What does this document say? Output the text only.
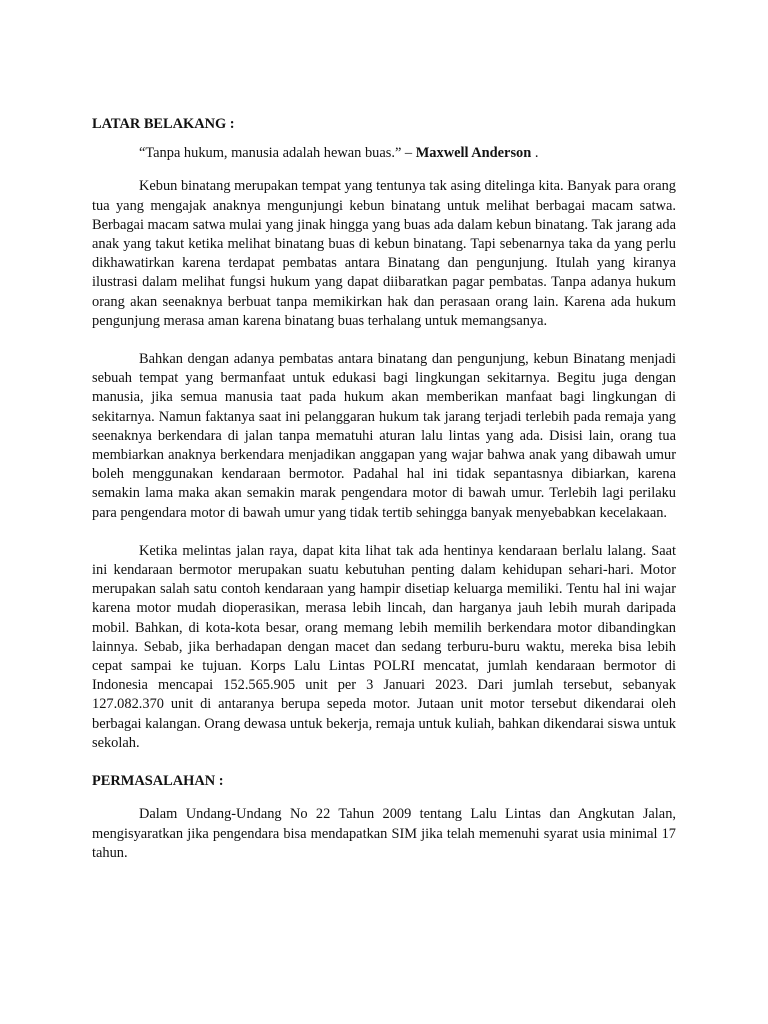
LATAR BELAKANG :

“Tanpa hukum, manusia adalah hewan buas.” – Maxwell Anderson .

Kebun binatang merupakan tempat yang tentunya tak asing ditelinga kita. Banyak para orang tua yang mengajak anaknya mengunjungi kebun binatang untuk melihat berbagai macam satwa. Berbagai macam satwa mulai yang jinak hingga yang buas ada dalam kebun binatang. Tak jarang ada anak yang takut ketika melihat binatang buas di kebun binatang. Tapi sebenarnya taka da yang perlu dikhawatirkan karena terdapat pembatas antara Binatang dan pengunjung. Itulah yang kiranya ilustrasi dalam melihat fungsi hukum yang dapat diibaratkan pagar pembatas. Tanpa adanya hukum orang akan seenaknya berbuat tanpa memikirkan hak dan perasaan orang lain. Karena ada hukum pengunjung merasa aman karena binatang buas terhalang untuk memangsanya.

Bahkan dengan adanya pembatas antara binatang dan pengunjung, kebun Binatang menjadi sebuah tempat yang bermanfaat untuk edukasi bagi lingkungan sekitarnya. Begitu juga dengan manusia, jika semua manusia taat pada hukum akan memberikan manfaat bagi lingkungan di sekitarnya. Namun faktanya saat ini pelanggaran hukum tak jarang terjadi terlebih pada remaja yang seenaknya berkendara di jalan tanpa mematuhi aturan lalu lintas yang ada. Disisi lain, orang tua membiarkan anaknya berkendara menjadikan anggapan yang wajar bahwa anak yang dibawah umur boleh menggunakan kendaraan bermotor. Padahal hal ini tidak sepantasnya dibiarkan, karena semakin lama maka akan semakin marak pengendara motor di bawah umur. Terlebih lagi perilaku para pengendara motor di bawah umur yang tidak tertib sehingga banyak menyebabkan kecelakaan.

Ketika melintas jalan raya, dapat kita lihat tak ada hentinya kendaraan berlalu lalang. Saat ini kendaraan bermotor merupakan suatu kebutuhan penting dalam kehidupan sehari-hari. Motor merupakan salah satu contoh kendaraan yang hampir disetiap keluarga memiliki. Tentu hal ini wajar karena motor mudah dioperasikan, merasa lebih lincah, dan harganya jauh lebih murah daripada mobil. Bahkan, di kota-kota besar, orang memang lebih memilih berkendara motor dibandingkan lainnya. Sebab, jika berhadapan dengan macet dan sedang terburu-buru waktu, mereka bisa lebih cepat sampai ke tujuan. Korps Lalu Lintas POLRI mencatat, jumlah kendaraan bermotor di Indonesia mencapai 152.565.905 unit per 3 Januari 2023. Dari jumlah tersebut, sebanyak 127.082.370 unit di antaranya berupa sepeda motor. Jutaan unit motor tersebut dikendarai oleh berbagai kalangan. Orang dewasa untuk bekerja, remaja untuk kuliah, bahkan dikendarai siswa untuk sekolah.

PERMASALAHAN :

Dalam Undang-Undang No 22 Tahun 2009 tentang Lalu Lintas dan Angkutan Jalan, mengisyaratkan jika pengendara bisa mendapatkan SIM jika telah memenuhi syarat usia minimal 17 tahun.
